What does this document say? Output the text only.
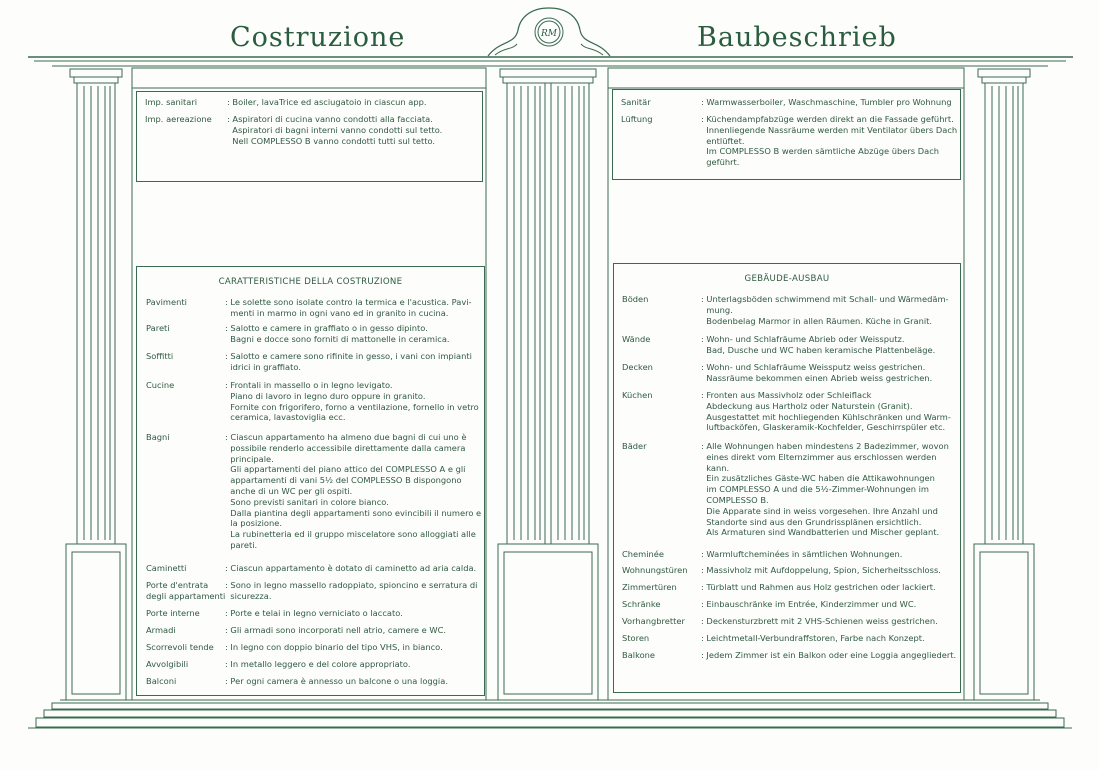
RM
Costruzione	Baubeschrieb
Imp. sanitari	: Boiler, lavaTrice ed asciugatoio in ciascun app.
Imp. aereazione : Aspiratori di cucina vanno condotti alla facciata.
Aspiratori di bagni interni vanno condotti sul tetto.
Nell COMPLESSO B vanno condotti tutti sul tetto.
Sanitär	: Warmwasserboiler, Waschmaschine, Tumbler pro Wohnung
Lüftung	: Küchendampfabzüge werden direkt an die Fassade geführt.
Innenliegende Nassräume werden mit Ventilator übers Dach
entlüftet.
Im COMPLESSO B werden sämtliche Abzüge übers Dach
geführt.
CARATTERISTICHE DELLA COSTRUZIONE
Pavimenti	: Le solette sono isolate contro la termica e l'acustica. Pavi-
menti in marmo in ogni vano ed in granito in cucina.
Pareti	: Salotto e camere in graffiato o in gesso dipinto.
Bagni e docce sono forniti di mattonelle in ceramica.
Soffitti	: Salotto e camere sono rifinite in gesso, i vani con impianti
idrici in graffiato.
Cucine	: Frontali in massello o in legno levigato.
Piano di lavoro in legno duro oppure in granito.
Fornite con frigorifero, forno a ventilazione, fornello in vetro
ceramica, lavastoviglia ecc.
Bagni	: Ciascun appartamento ha almeno due bagni di cui uno è
possibile renderlo accessibile direttamente dalla camera
principale.
Gli appartamenti del piano attico del COMPLESSO A e gli
appartamenti di vani 5½ del COMPLESSO B dispongono
anche di un WC per gli ospiti.
Sono previsti sanitari in colore bianco.
Dalla piantina degli appartamenti sono evincibili il numero e
la posizione.
La rubinetteria ed il gruppo miscelatore sono alloggiati alle
pareti.
Caminetti	: Ciascun appartamento è dotato di caminetto ad aria calda.
Porte d'entrata
degli appartamenti
: Sono in legno massello radoppiato, spioncino e serratura di
sicurezza.
Porte interne	: Porte e telai in legno verniciato o laccato.
Armadi	: Gli armadi sono incorporati nell atrio, camere e WC.
Scorrevoli tende : In legno con doppio binario del tipo VHS, in bianco.
Avvolgibili	: In metallo leggero e del colore appropriato.
Balconi	: Per ogni camera è annesso un balcone o una loggia.
GEBÄUDE-AUSBAU
Böden	: Unterlagsböden schwimmend mit Schall- und Wärmedäm-
mung.
Bodenbelag Marmor in allen Räumen. Küche in Granit.
Wände	: Wohn- und Schlafräume Abrieb oder Weissputz.
Bad, Dusche und WC haben keramische Plattenbeläge.
Decken	: Wohn- und Schlafräume Weissputz weiss gestrichen.
Nassräume bekommen einen Abrieb weiss gestrichen.
Küchen	: Fronten aus Massivholz oder Schleiflack
Abdeckung aus Hartholz oder Naturstein (Granit).
Ausgestattet mit hochliegenden Kühlschränken und Warm-
luftbacköfen, Glaskeramik-Kochfelder, Geschirrspüler etc.
Bäder	: Alle Wohnungen haben mindestens 2 Badezimmer, wovon
eines direkt vom Elternzimmer aus erschlossen werden
kann.
Ein zusätzliches Gäste-WC haben die Attikawohnungen
im COMPLESSO A und die 5½-Zimmer-Wohnungen im
COMPLESSO B.
Die Apparate sind in weiss vorgesehen. Ihre Anzahl und
Standorte sind aus den Grundrissplänen ersichtlich.
Als Armaturen sind Wandbatterien und Mischer geplant.
Cheminée	: Warmluftcheminées in sämtlichen Wohnungen.
Wohnungstüren : Massivholz mit Aufdoppelung, Spion, Sicherheitsschloss.
Zimmertüren	: Türblatt und Rahmen aus Holz gestrichen oder lackiert.
Schränke	: Einbauschränke im Entrée, Kinderzimmer und WC.
Vorhangbretter : Deckensturzbrett mit 2 VHS-Schienen weiss gestrichen.
Storen	: Leichtmetall-Verbundraffstoren, Farbe nach Konzept.
Balkone	: Jedem Zimmer ist ein Balkon oder eine Loggia angegliedert.
